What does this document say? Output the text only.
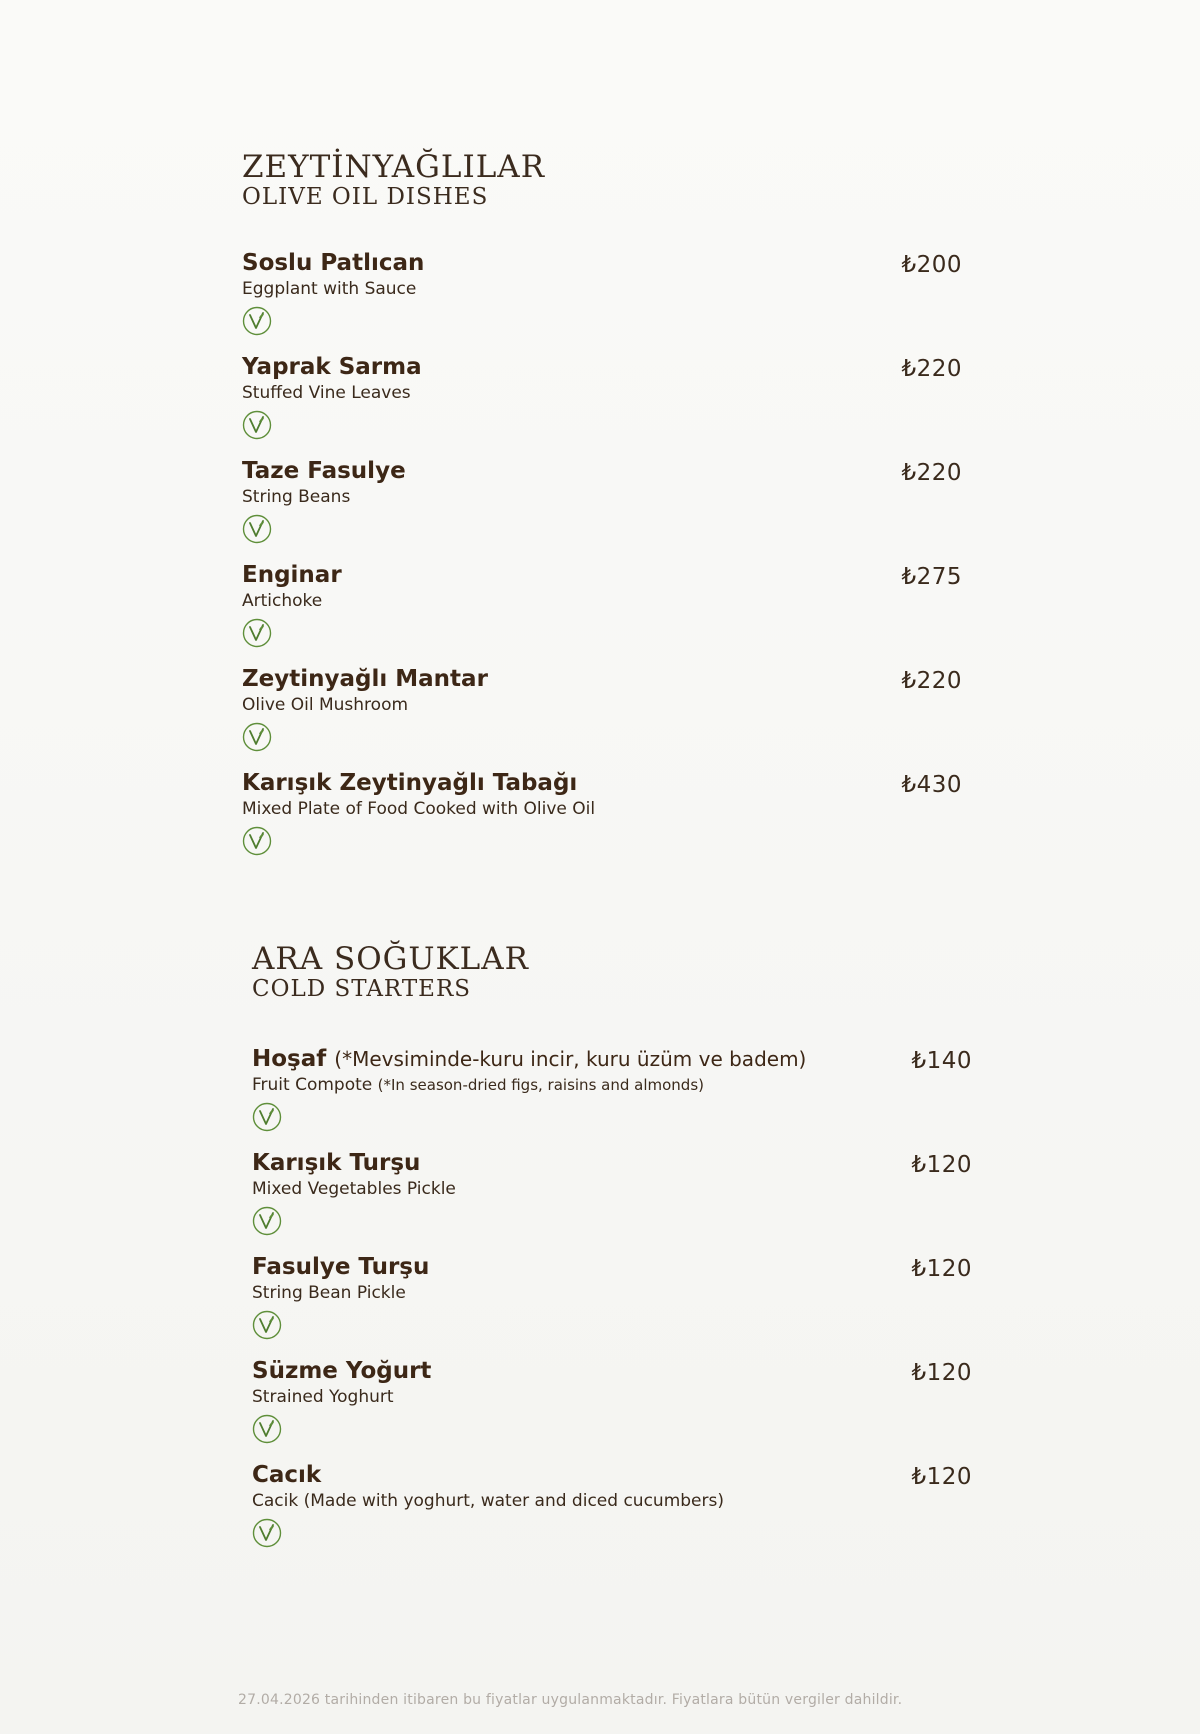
ZEYTİNYAĞLILAR
OLIVE OIL DISHES
Soslu Patlıcan
Eggplant with Sauce
₺200
Yaprak Sarma
Stuffed Vine Leaves
₺220
Taze Fasulye
String Beans
₺220
Enginar
Artichoke
₺275
Zeytinyağlı Mantar
Olive Oil Mushroom
₺220
Karışık Zeytinyağlı Tabağı
Mixed Plate of Food Cooked with Olive Oil
₺430
ARA SOĞUKLAR
COLD STARTERS
Hoşaf (*Mevsiminde-kuru incir, kuru üzüm ve badem)
Fruit Compote (*In season-dried figs, raisins and almonds)
₺140
Karışık Turşu
Mixed Vegetables Pickle
₺120
Fasulye Turşu
String Bean Pickle
₺120
Süzme Yoğurt
Strained Yoghurt
₺120
Cacık
Cacik (Made with yoghurt, water and diced cucumbers)
₺120
27.04.2026 tarihinden itibaren bu fiyatlar uygulanmaktadır. Fiyatlara bütün vergiler dahildir.
